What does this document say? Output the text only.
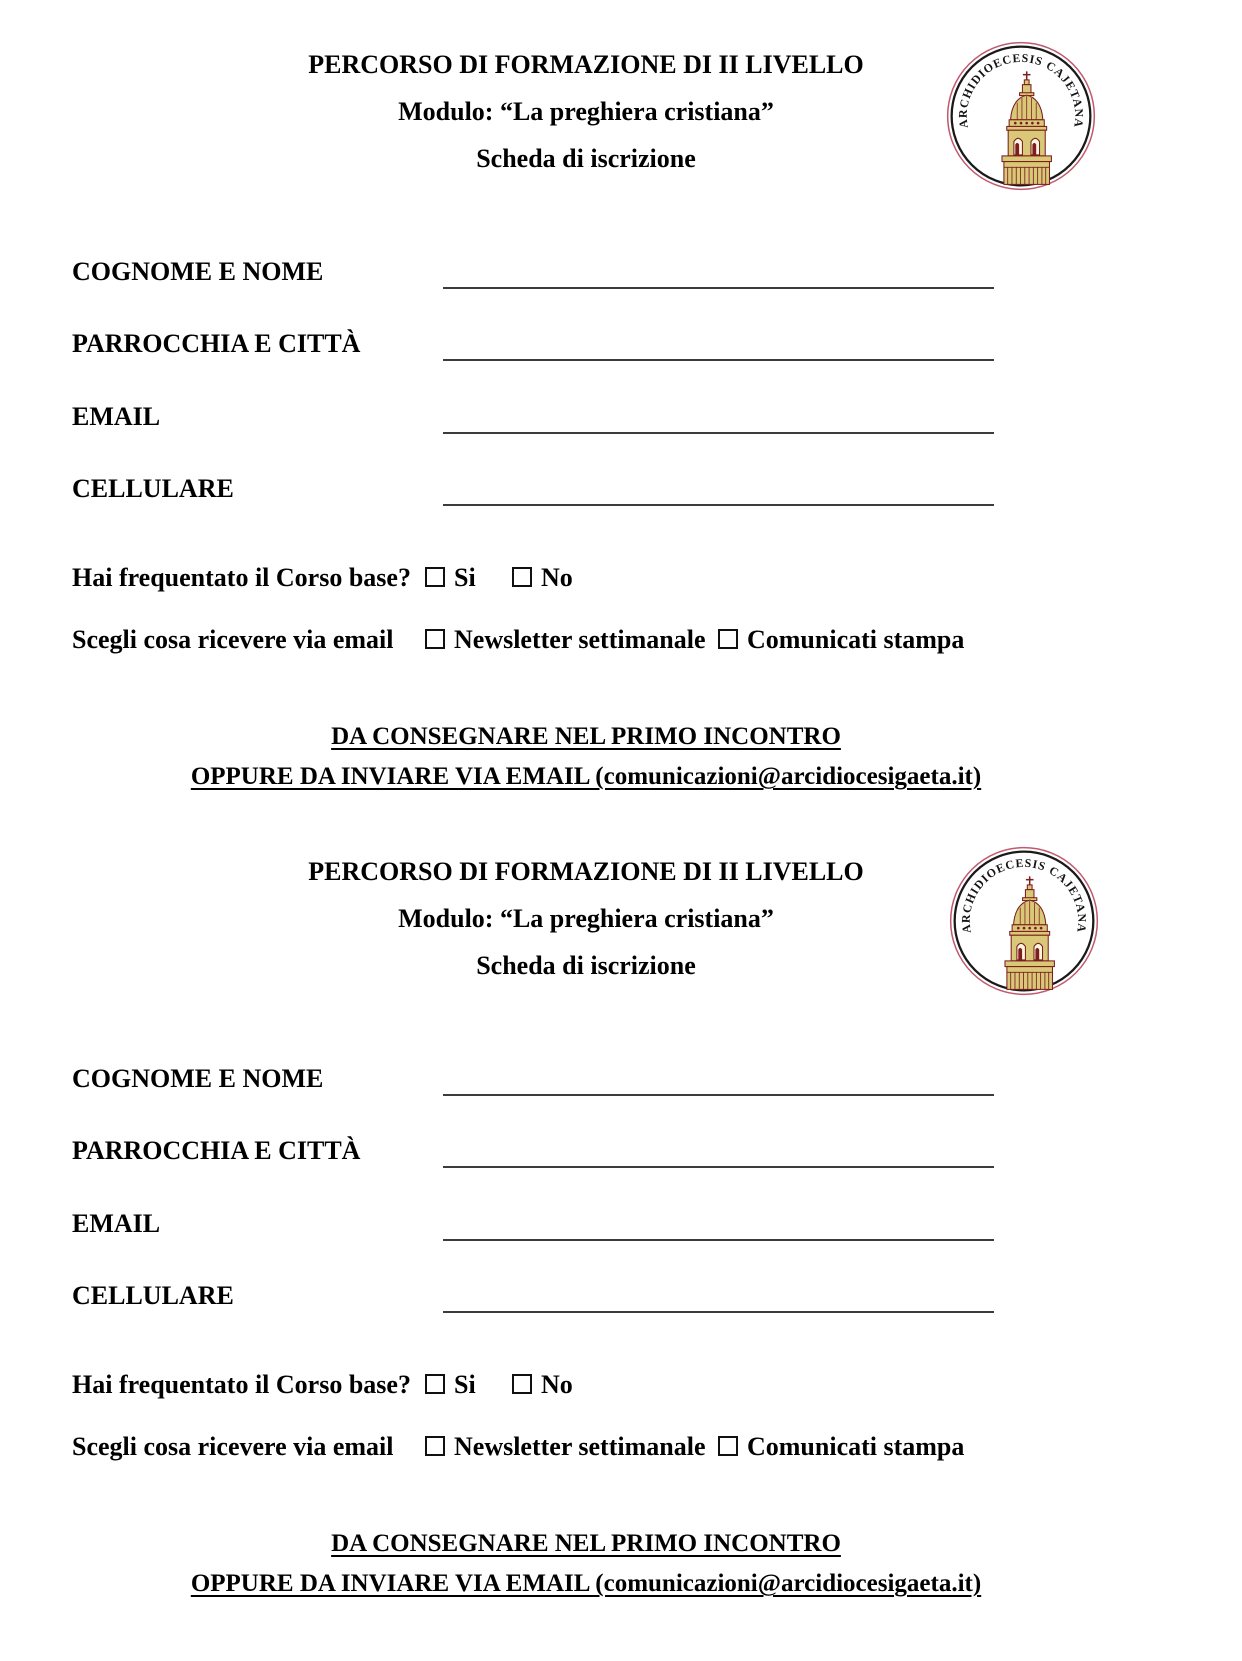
PERCORSO DI FORMAZIONE DI II LIVELLO
Modulo: “La preghiera cristiana”
Scheda di iscrizione
ARCHIDIOECESIS CAJETANA
COGNOME E NOME
PARROCCHIA E CITTÀ
EMAIL
CELLULARE
Hai frequentato il Corso base?	Si	No
Scegli cosa ricevere via email	Newsletter settimanale	Comunicati stampa
DA CONSEGNARE NEL PRIMO INCONTRO
OPPURE DA INVIARE VIA EMAIL (comunicazioni@arcidiocesigaeta.it)
PERCORSO DI FORMAZIONE DI II LIVELLO
Modulo: “La preghiera cristiana”
Scheda di iscrizione
ARCHIDIOECESIS CAJETANA
COGNOME E NOME
PARROCCHIA E CITTÀ
EMAIL
CELLULARE
Hai frequentato il Corso base?	Si	No
Scegli cosa ricevere via email	Newsletter settimanale	Comunicati stampa
DA CONSEGNARE NEL PRIMO INCONTRO
OPPURE DA INVIARE VIA EMAIL (comunicazioni@arcidiocesigaeta.it)
